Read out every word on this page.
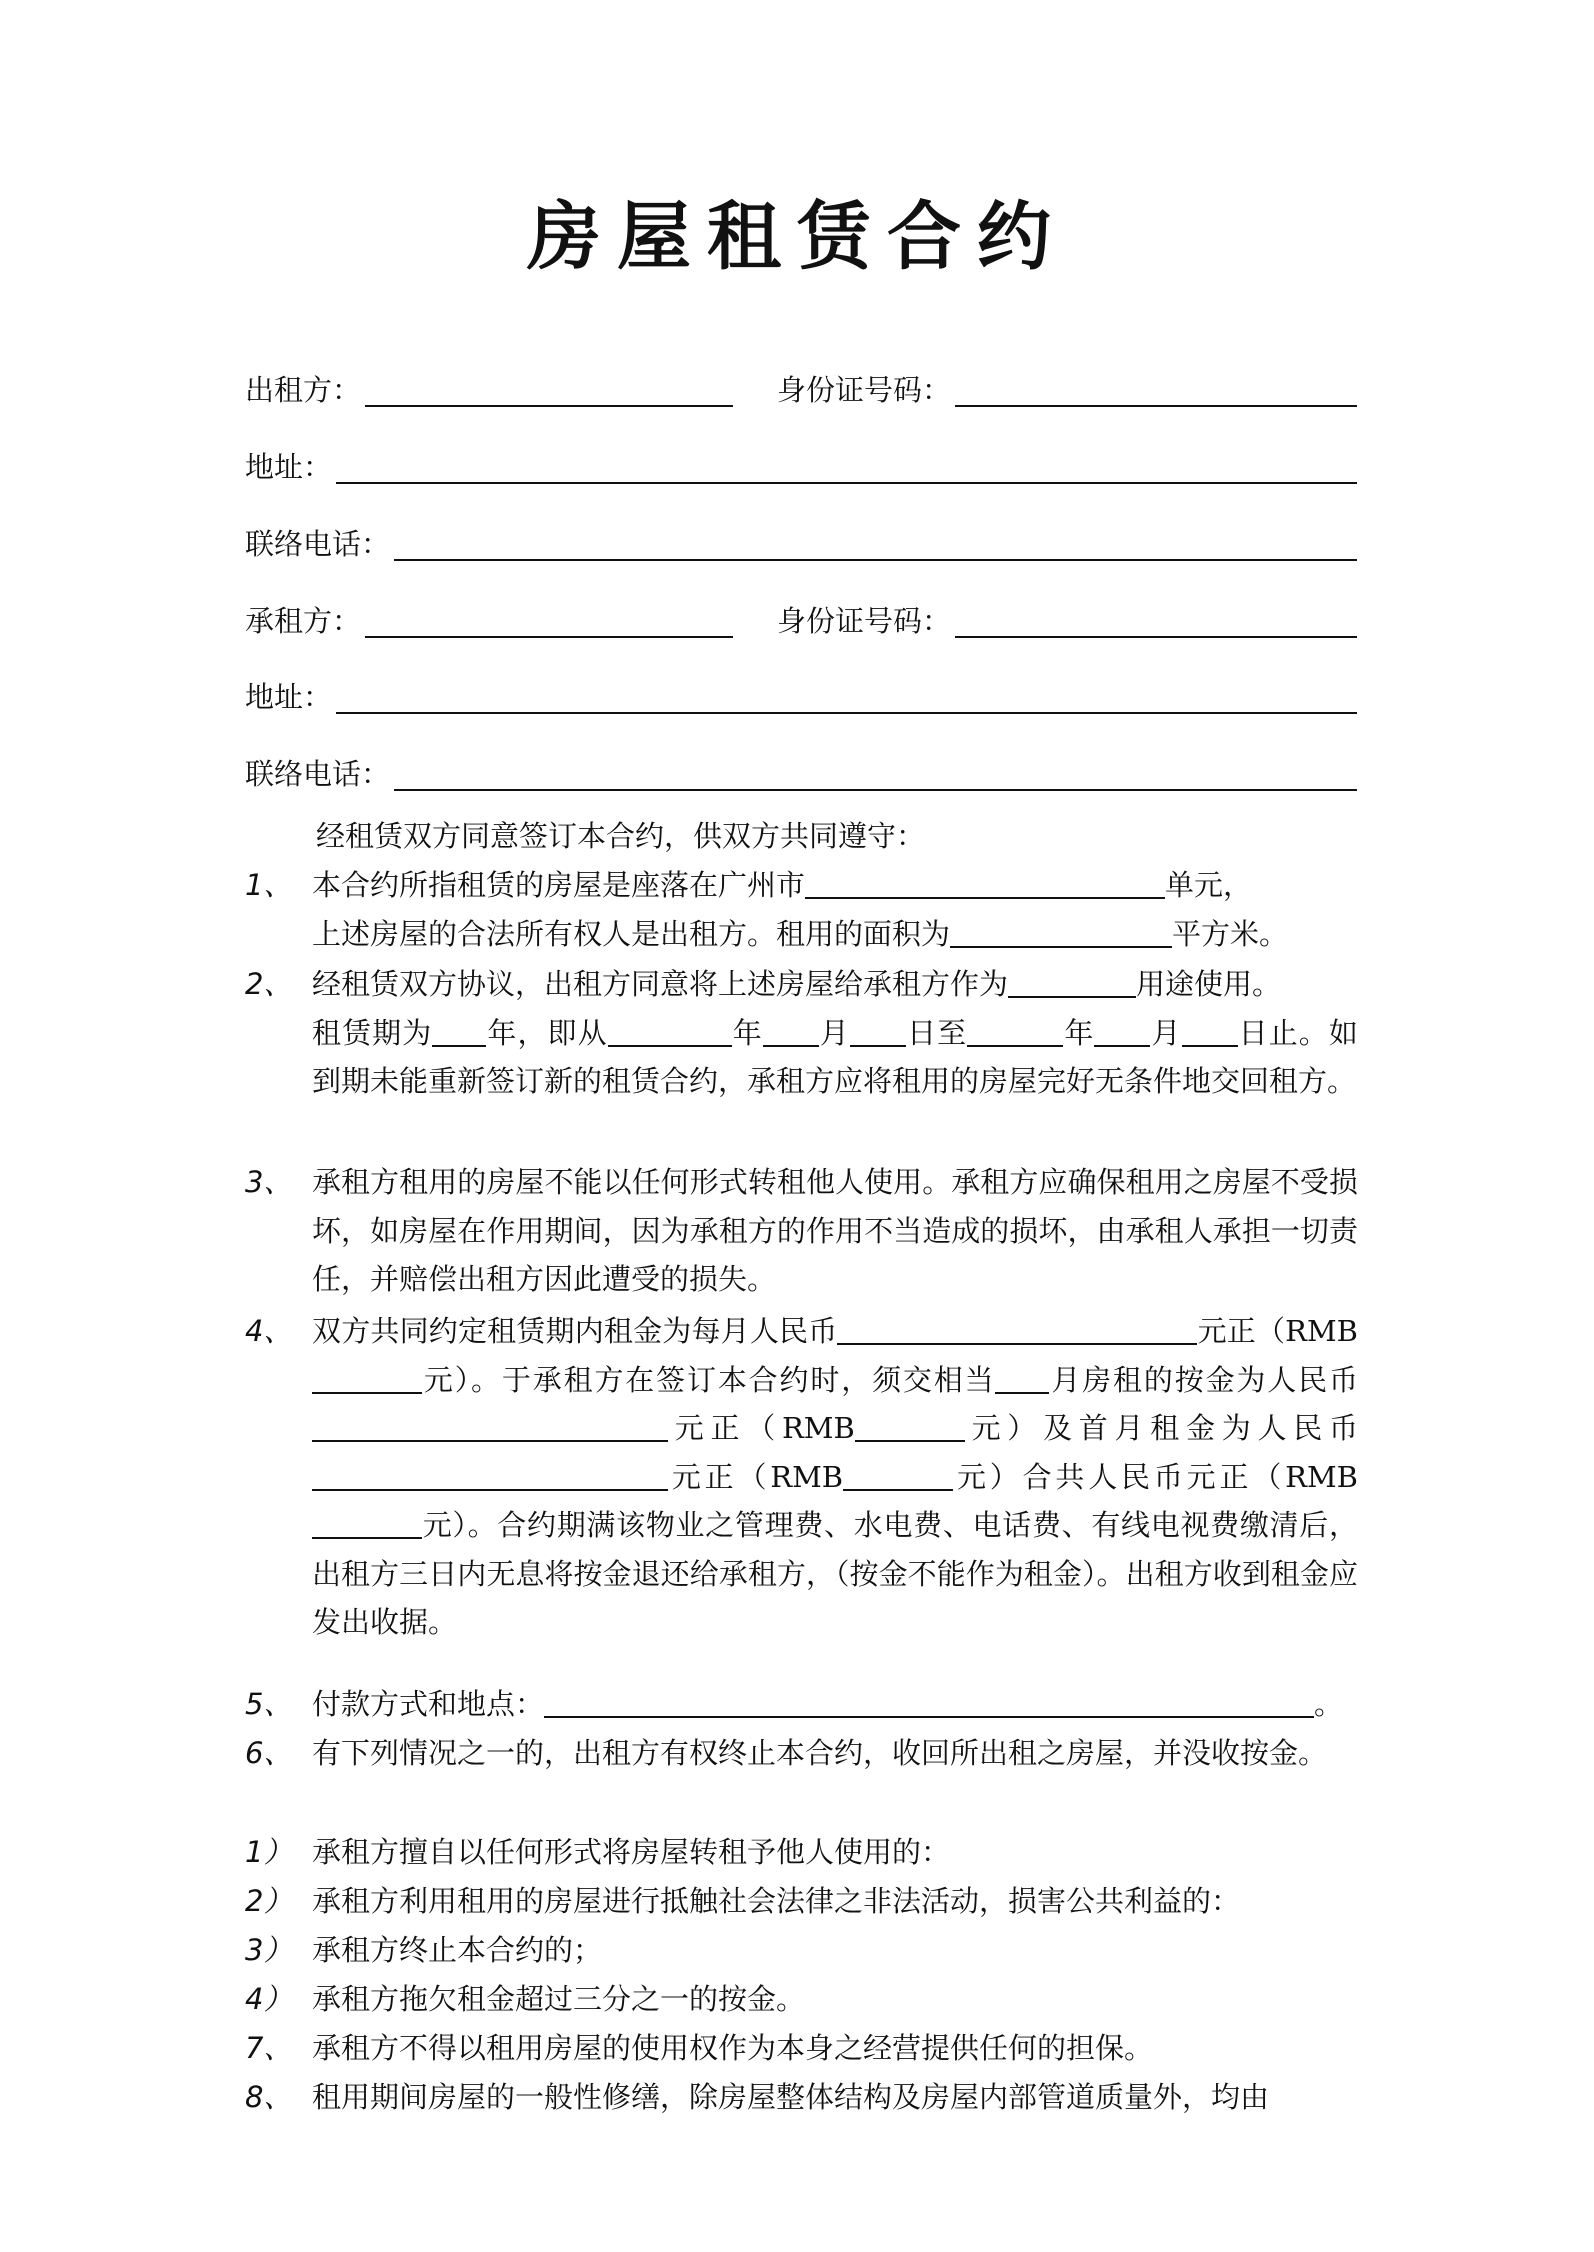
房屋租赁合约
出租方：	身份证号码：
地址：
联络电话：
承租方：	身份证号码：
地址：
联络电话：

经租赁双方同意签订本合约，供双方共同遵守：

1、 本合约所指租赁的房屋是座落在广州市	单元，
上述房屋的合法所有权人是出租方。租用的面积为	平方米。

2、 经租赁双方协议，出租方同意将上述房屋给承租方作为	用途使用。
租赁期为 年，即从	年 月 日至	年 月 日止。如到期未能重新签订新的租赁合约，承租方应将租用的房屋完好无条件地交回租方。

3、 承租方租用的房屋不能以任何形式转租他人使用。承租方应确保租用之房屋不受损坏，如房屋在作用期间，因为承租方的作用不当造成的损坏，由承租人承担一切责任，并赔偿出租方因此遭受的损失。

4、 双方共同约定租赁期内租金为每月人民币	元正（RMB元）。于承租方在签订本合约时，须交相当 月房租的按金为人民币元正（RMB	元）及首月租金为人民币元正（RMB	元）合共人民币元正（RMB元）。合约期满该物业之管理费、水电费、电话费、有线电视费缴清后，出租方三日内无息将按金退还给承租方，（按金不能作为租金）。出租方收到租金应发出收据。

5、 付款方式和地点：	。

6、 有下列情况之一的，出租方有权终止本合约，收回所出租之房屋，并没收按金。

1） 承租方擅自以任何形式将房屋转租予他人使用的：

2） 承租方利用租用的房屋进行抵触社会法律之非法活动，损害公共利益的：

3） 承租方终止本合约的；

4） 承租方拖欠租金超过三分之一的按金。

7、 承租方不得以租用房屋的使用权作为本身之经营提供任何的担保。

8、 租用期间房屋的一般性修缮，除房屋整体结构及房屋内部管道质量外，均由
